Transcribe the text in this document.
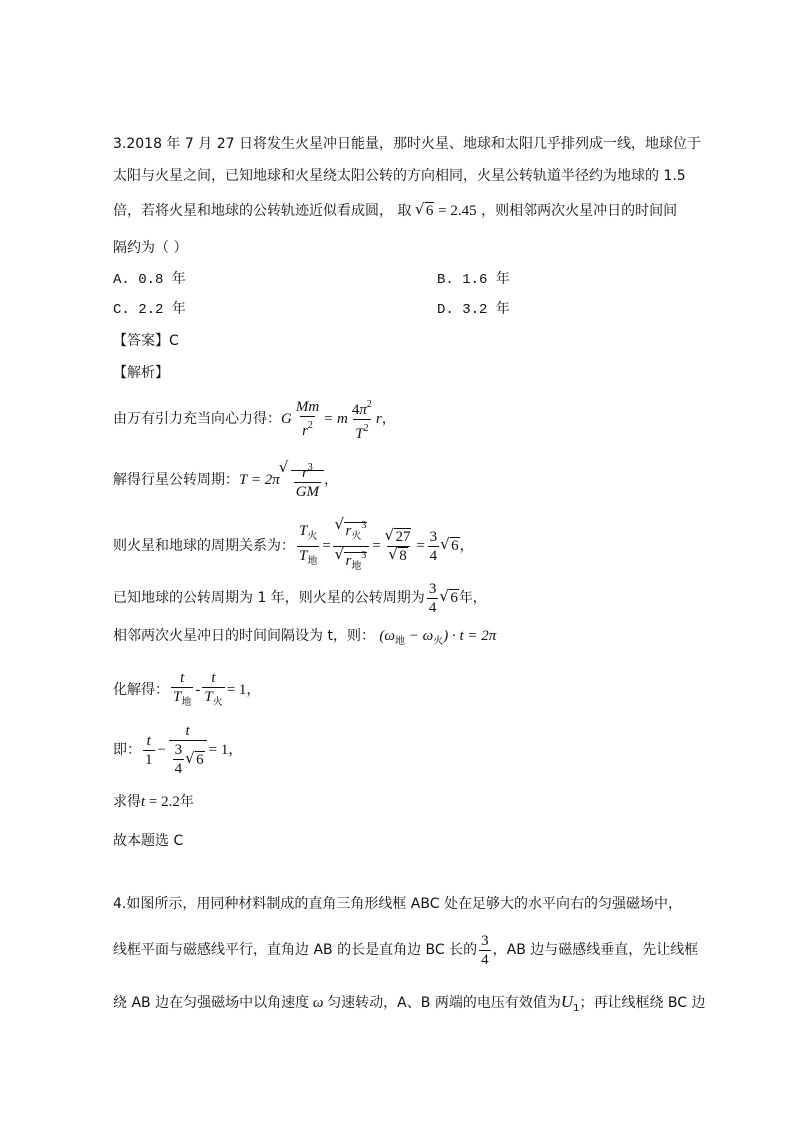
3.2018 年 7 月 27 日将发生火星冲日能量，那时火星、地球和太阳几乎排列成一线，地球位于
太阳与火星之间，已知地球和火星绕太阳公转的方向相同，火星公转轨道半径约为地球的 1.5
倍，若将火星和地球的公转轨迹近似看成圆， 取 √ 6 = 2.45 ，则相邻两次火星冲日的时间间
隔约为（ ）
A. 0.8 年	B. 1.6 年
C. 2.2 年	D. 3.2 年
【答案】C
【解析】
由万有引力充当向心力得： G $\frac{Mm}{r^2} = m \frac{4\pi^2}{T^2}$ r ，
解得行星公转周期： T = 2π
√ $\frac{r^3}{GM}$ ，
则火星和地球的周期关系为： $\frac{T_火}{T_地}$ =
√ $r_火^3$
√ $r_地^3$ =
√ 27
√ $8 = \frac{3}{4}$
√ 6 ，
已知地球的公转周期为 1 年，则火星的公转周期为 $\frac{3}{4}$
√ 6 年，
相邻两次火星冲日的时间间隔设为 t，则： $(\omega_地 - \omega_火) \cdot t = 2\pi$
化解得： $\frac{t}{T_地} - \frac{t}{T_火} = 1$ ，
即： $\frac{t}{1} - t$
$\frac{3}{4}$
√ 6 = 1 ，
求得t = 2.2年
故本题选 C
4.如图所示，用同种材料制成的直角三角形线框 ABC 处在足够大的水平向右的匀强磁场中，
线框平面与磁感线平行，直角边 AB 的长是直角边 BC 长的 $\frac{3}{4}$ ，AB 边与磁感线垂直，先让线框
绕 AB 边在匀强磁场中以角速度 ω 匀速转动，A、B 两端的电压有效值为$U_1$；再让线框绕 BC 边
